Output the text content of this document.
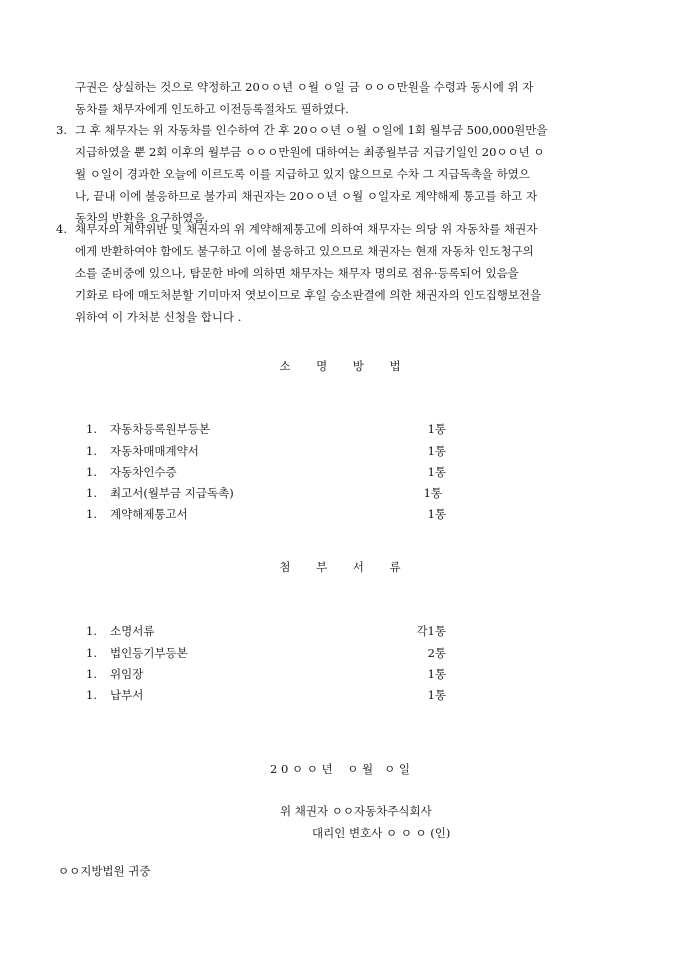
구권은 상실하는 것으로 약정하고 20ㅇㅇ년 ㅇ월 ㅇ일 금 ㅇㅇㅇ만원을 수령과 동시에 위 자
동차를 채무자에게 인도하고 이전등록절차도 필하였다.
3. 그 후 채무자는 위 자동차를 인수하여 간 후 20ㅇㅇ년 ㅇ월 ㅇ일에 1회 월부금 500,000원만을
지급하였을 뿐 2회 이후의 월부금 ㅇㅇㅇ만원에 대하여는 최종월부금 지급기일인 20ㅇㅇ년 ㅇ
월 ㅇ일이 경과한 오늘에 이르도록 이를 지급하고 있지 않으므로 수차 그 지급독촉을 하였으
나, 끝내 이에 불응하므로 불가피 채권자는 20ㅇㅇ년 ㅇ월 ㅇ일자로 계약해제 통고를 하고 자
동차의 반환을 요구하였음.
4. 채무자의 계약위반 및 채권자의 위 계약해제통고에 의하여 채무자는 의당 위 자동차를 채권자
에게 반환하여야 함에도 불구하고 이에 불응하고 있으므로 채권자는 현재 자동차 인도청구의
소를 준비중에 있으나, 탐문한 바에 의하면 채무자는 채무자 명의로 점유·등록되어 있음을
기화로 타에 매도처분할 기미마저 엿보이므로 후일 승소판결에 의한 채권자의 인도집행보전을
위하여 이 가처분 신청을 합니다 .
소       명       방       법
1. 자동차등록원부등본	1통
1. 자동차매매계약서	1통
1. 자동차인수증	1통
1. 최고서(월부금 지급독촉)	1통
1. 계약해제통고서	1통
첨       부       서       류
1. 소명서류	각1통
1. 법인등기부등본	2통
1. 위임장	1통
1. 납부서	1통
2 0 ㅇ ㅇ 년    ㅇ 월   ㅇ 일
위 채권자 ㅇㅇ자동차주식회사
대리인 변호사 ㅇ ㅇ ㅇ (인)
ㅇㅇ지방법원 귀중
